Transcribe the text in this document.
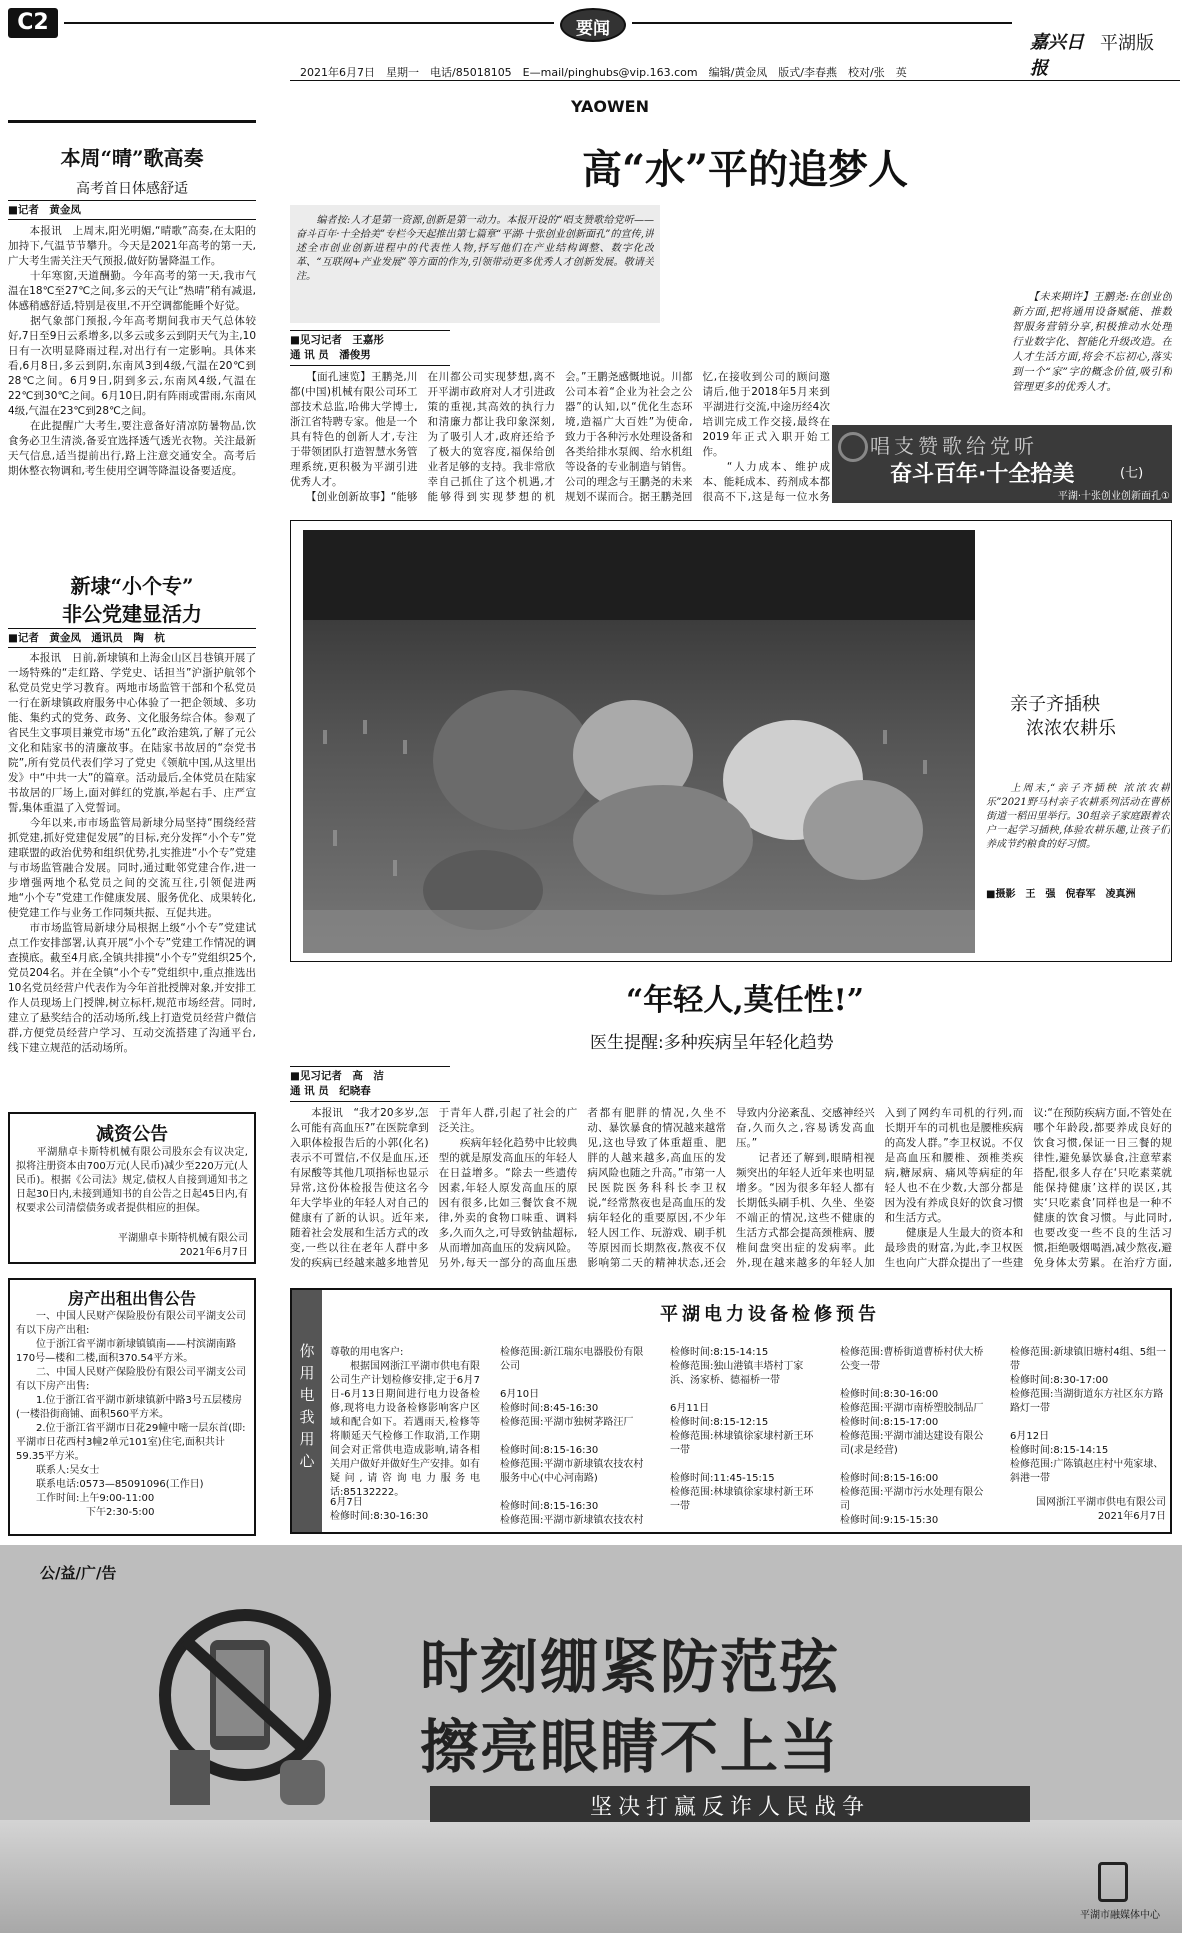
C2	要闻
嘉兴日报
平湖版
2021年6月7日　星期一　电话/85018105　E—mail/pinghubs@vip.163.com　编辑/黄金凤　版式/李春燕　校对/张　英
YAOWEN
本周“晴”歌高奏
高考首日体感舒适
■记者　黄金凤
　　本报讯　上周末,阳光明媚,“晴歌”高奏,在太阳的加持下,气温节节攀升。今天是2021年高考的第一天,广大考生需关注天气预报,做好防暑降温工作。
　　十年寒窗,天道酬勤。今年高考的第一天,我市气温在18℃至27℃之间,多云的天气让“热晴”稍有减退,体感稍感舒适,特别是夜里,不开空调都能睡个好觉。
　　据气象部门预报,今年高考期间我市天气总体较好,7日至9日云系增多,以多云或多云到阴天气为主,10日有一次明显降雨过程,对出行有一定影响。具体来看,6月8日,多云到阴,东南风3到4级,气温在20℃到28℃之间。6月9日,阴到多云,东南风4级,气温在22℃到30℃之间。6月10日,阴有阵雨或雷雨,东南风4级,气温在23℃到28℃之间。
　　在此提醒广大考生,要注意备好清凉防暑物品,饮食务必卫生清淡,备妥宜选择透气透光衣物。关注最新天气信息,适当提前出行,路上注意交通安全。高考后期休整衣物调和,考生使用空调等降温设备要适度。
新埭“小个专”
非公党建显活力
■记者　黄金凤　通讯员　陶　杭
　　本报讯　日前,新埭镇和上海金山区吕巷镇开展了一场特殊的“走红路、学党史、话担当”沪浙护航邻个私党员党史学习教育。两地市场监管干部和个私党员一行在新埭镇政府服务中心体验了一把企领域、多功能、集约式的党务、政务、文化服务综合体。参观了省民生文事项目兼党市场“五化”政治建筑,了解了元公文化和陆家书的清廉故事。在陆家书故居的“奈党书院”,所有党员代表们学习了党史《领航中国,从这里出发》中“中共一大”的篇章。活动最后,全体党员在陆家书故居的厂场上,面对鲜红的党旗,举起右手、庄严宣誓,集体重温了入党誓词。
　　今年以来,市市场监管局新埭分局坚持“围绕经营抓党建,抓好党建促发展”的目标,充分发挥“小个专”党建联盟的政治优势和组织优势,扎实推进“小个专”党建与市场监管融合发展。同时,通过毗邻党建合作,进一步增强两地个私党员之间的交流互往,引领促进两地“小个专”党建工作健康发展、服务优化、成果转化,使党建工作与业务工作同频共振、互促共进。
　　市市场监管局新埭分局根据上级“小个专”党建试点工作安排部署,认真开展“小个专”党建工作情况的调查摸底。截至4月底,全镇共排摸“小个专”党组织25个,党员204名。并在全镇“小个专”党组织中,重点推选出10名党员经营户代表作为今年首批授牌对象,并安排工作人员现场上门授牌,树立标杆,规范市场经营。同时,建立了悬奖结合的活动场所,线上打造党员经营户微信群,方便党员经营户学习、互动交流搭建了沟通平台,线下建立规范的活动场所。
减资公告
　　平湖鼎卓卡斯特机械有限公司股东会有议决定,拟将注册资本由700万元(人民币)减少至220万元(人民币)。根据《公司法》规定,债权人自接到通知书之日起30日内,未接到通知书的自公告之日起45日内,有权要求公司清偿债务或者提供相应的担保。
平湖鼎卓卡斯特机械有限公司
2021年6月7日
房产出租出售公告
　　一、中国人民财产保险股份有限公司平湖支公司有以下房产出租:
　　位于浙江省平湖市新埭镇镇南——村滨湖南路170号—楼和二楼,面积370.54平方米。
　　二、中国人民财产保险股份有限公司平湖支公司有以下房产出售:
　　1.位于浙江省平湖市新埭镇新中路3号五层楼房(一楼沿街商铺、面积560平方米。
　　2.位于浙江省平湖市日花29幢中嘧一层东首(即:平湖市日花西村3幢2单元101室)住宅,面积共计59.35平方米。
　　联系人:吴女士
　　联系电话:0573—85091096(工作日)
　　工作时间:上午9:00-11:00
　　　　　　　下午2:30-5:00
高“水”平的追梦人
　　编者按:人才是第一资源,创新是第一动力。本报开设的“唱支赞歌给党听——奋斗百年·十全拾美”专栏今天起推出第七篇章“平湖·十张创业创新面孔”的宣传,讲述全市创业创新进程中的代表性人物,抒写他们在产业结构调整、数字化改革、“互联网+产业发展”等方面的作为,引领带动更多优秀人才创新发展。敬请关注。
■见习记者　王嘉彤
通 讯 员　潘俊男
　　【面孔速览】王鹏尧,川都(中国)机械有限公司环工部技术总监,哈佛大学博士,浙江省特聘专家。他是一个具有特色的创新人才,专注于带领团队打造智慧水务管理系统,更积极为平湖引进优秀人才。
　　【创业创新故事】“能够在川都公司实现梦想,离不开平湖市政府对人才引进政策的重视,其高效的执行力和清廉力都让我印象深刻,为了吸引人才,政府还给予了极大的宽容度,福保给创业者足够的支持。我非常欣幸自己抓住了这个机遇,才能够得到实现梦想的机会。”王鹏尧感慨地说。川都公司本着“企业为社会之公器”的认知,以“优化生态环境,造福广大百姓”为使命,致力于各种污水处理设备和各类给排水泵阀、给水机组等设备的专业制造与销售。公司的理念与王鹏尧的未来规划不谋而合。据王鹏尧回忆,在接收到公司的顾问邀请后,他于2018年5月来到平湖进行交流,中途历经4次培训完成工作交接,最终在2019年正式入职开始工作。
　　“人力成本、维护成本、能耗成本、药剂成本都很高不下,这是每一位水务

　　【未来期许】王鹏尧:在创业创新方面,把将通用设备赋能、推数智服务营销分享,积极推动水处理行业数字化、智能化升级改造。在人才生活方面,将会不忘初心,落实到一个“家”字的概念价值,吸引和管理更多的优秀人才。
唱支赞歌给党听
奋斗百年·十全拾美	(七)
平湖·十张创业创新面孔①
亲子齐插秧
浓浓农耕乐
　　上周末,“亲子齐插秧 浓浓农耕乐”2021野马村亲子农耕系列活动在曹桥街道一稻田里举行。30组亲子家庭跟着农户一起学习插秧,体验农耕乐趣,让孩子们养成节约粮食的好习惯。
■摄影　王　强　倪春军　凌真洲
“年轻人,莫任性!”
医生提醒:多种疾病呈年轻化趋势
■见习记者　高　洁
通 讯 员　纪晓春
　　本报讯　“我才20多岁,怎么可能有高血压?”在医院拿到入职体检报告后的小郭(化名)表示不可置信,不仅是血压,还有尿酸等其他几项指标也显示异常,这份体检报告使这名今年大学毕业的年轻人对自己的健康有了新的认识。近年来,随着社会发展和生活方式的改变,一些以往在老年人群中多发的疾病已经越来越多地普见于青年人群,引起了社会的广泛关注。
　　疾病年轻化趋势中比较典型的就是原发高血压的年轻人在日益增多。“除去一些遗传因素,年轻人原发高血压的原因有很多,比如三餐饮食不规律,外卖的食物口味重、调料多,久而久之,可导致钠盐超标,从而增加高血压的发病风险。另外,每天一部分的高血压患者都有肥胖的情况,久坐不动、暴饮暴食的情况越来越常见,这也导致了体重超重、肥胖的人越来越多,高血压的发病风险也随之升高。”市第一人民医院医务科科长李卫权说,“经常熬夜也是高血压的发病年轻化的重要原因,不少年轻人因工作、玩游戏、刷手机等原因而长期熬夜,熬夜不仅影响第二天的精神状态,还会导致内分泌紊乱、交感神经兴奋,久而久之,容易诱发高血压。”
　　记者还了解到,眼睛相视频突出的年轻人近年来也明显增多。“因为很多年轻人都有长期低头刷手机、久坐、坐姿不端正的情况,这些不健康的生活方式都会提高颈椎病、腰椎间盘突出症的发病率。此外,现在越来越多的年轻人加入到了网约车司机的行列,而长期开车的司机也是腰椎疾病的高发人群。”李卫权说。不仅是高血压和腰椎、颈椎类疾病,糖尿病、痛风等病症的年轻人也不在少数,大部分都是因为没有养成良好的饮食习惯和生活方式。
　　健康是人生最大的资本和最珍贵的财富,为此,李卫权医生也向广大群众提出了一些建议:“在预防疾病方面,不管处在哪个年龄段,都要养成良好的饮食习惯,保证一日三餐的规律性,避免暴饮暴食,注意荤素搭配,很多人存在‘只吃素菜就能保持健康’这样的误区,其实‘只吃素食’同样也是一种不健康的饮食习惯。与此同时,也要改变一些不良的生活习惯,拒绝吸烟喝酒,减少熬夜,避免身体太劳累。在治疗方面,
你用电 我用心
平湖电力设备检修预告
尊敬的用电客户:
　　根据国网浙江平湖市供电有限公司生产计划检修安排,定于6月7日-6月13日期间进行电力设备检修,现将电力设备检修影响客户区域和配合如下。若遇雨天,检修等将顺延天气检修工作取消,工作期间会对正常供电造成影响,请各相关用户做好并做好生产安排。如有疑问,请咨询电力服务电话:85132222。
6月7日
检修时间:8:30-16:30
检修范围:新江瑞东电器股份有限公司

6月10日
检修时间:8:45-16:30
检修范围:平湖市独树茅路汪厂

检修时间:8:15-16:30
检修范围:平湖市新埭镇农技农村服务中心(中心河南路)

检修时间:8:15-16:30
检修范围:平湖市新埭镇农技农村
检修时间:8:15-14:15
检修范围:独山港镇丰塔村丁家浜、汤家桥、德福桥一带

6月11日
检修时间:8:15-12:15
检修范围:林埭镇徐家埭村新王环一带

检修时间:11:45-15:15
检修范围:林埭镇徐家埭村新王环一带

检修范围:曹桥街道曹桥村伏大桥公变一带

检修时间:8:30-16:00
检修范围:平湖市南桥塑胶制品厂
检修时间:8:15-17:00
检修范围:平湖市浦达建设有限公司(求是经营)

检修时间:8:15-16:00
检修范围:平湖市污水处理有限公司
检修时间:9:15-15:30
检修范围:新埭镇旧塘村4组、5组一带
检修时间:8:30-17:00
检修范围:当湖街道东方社区东方路路灯一带

6月12日
检修时间:8:15-14:15
检修范围:广陈镇赵庄村屮苑家埭、斜港一带
国网浙江平湖市供电有限公司
2021年6月7日
公/益/广/告
时刻绷紧防范弦
擦亮眼睛不上当
坚决打赢反诈人民战争
平湖市融媒体中心
